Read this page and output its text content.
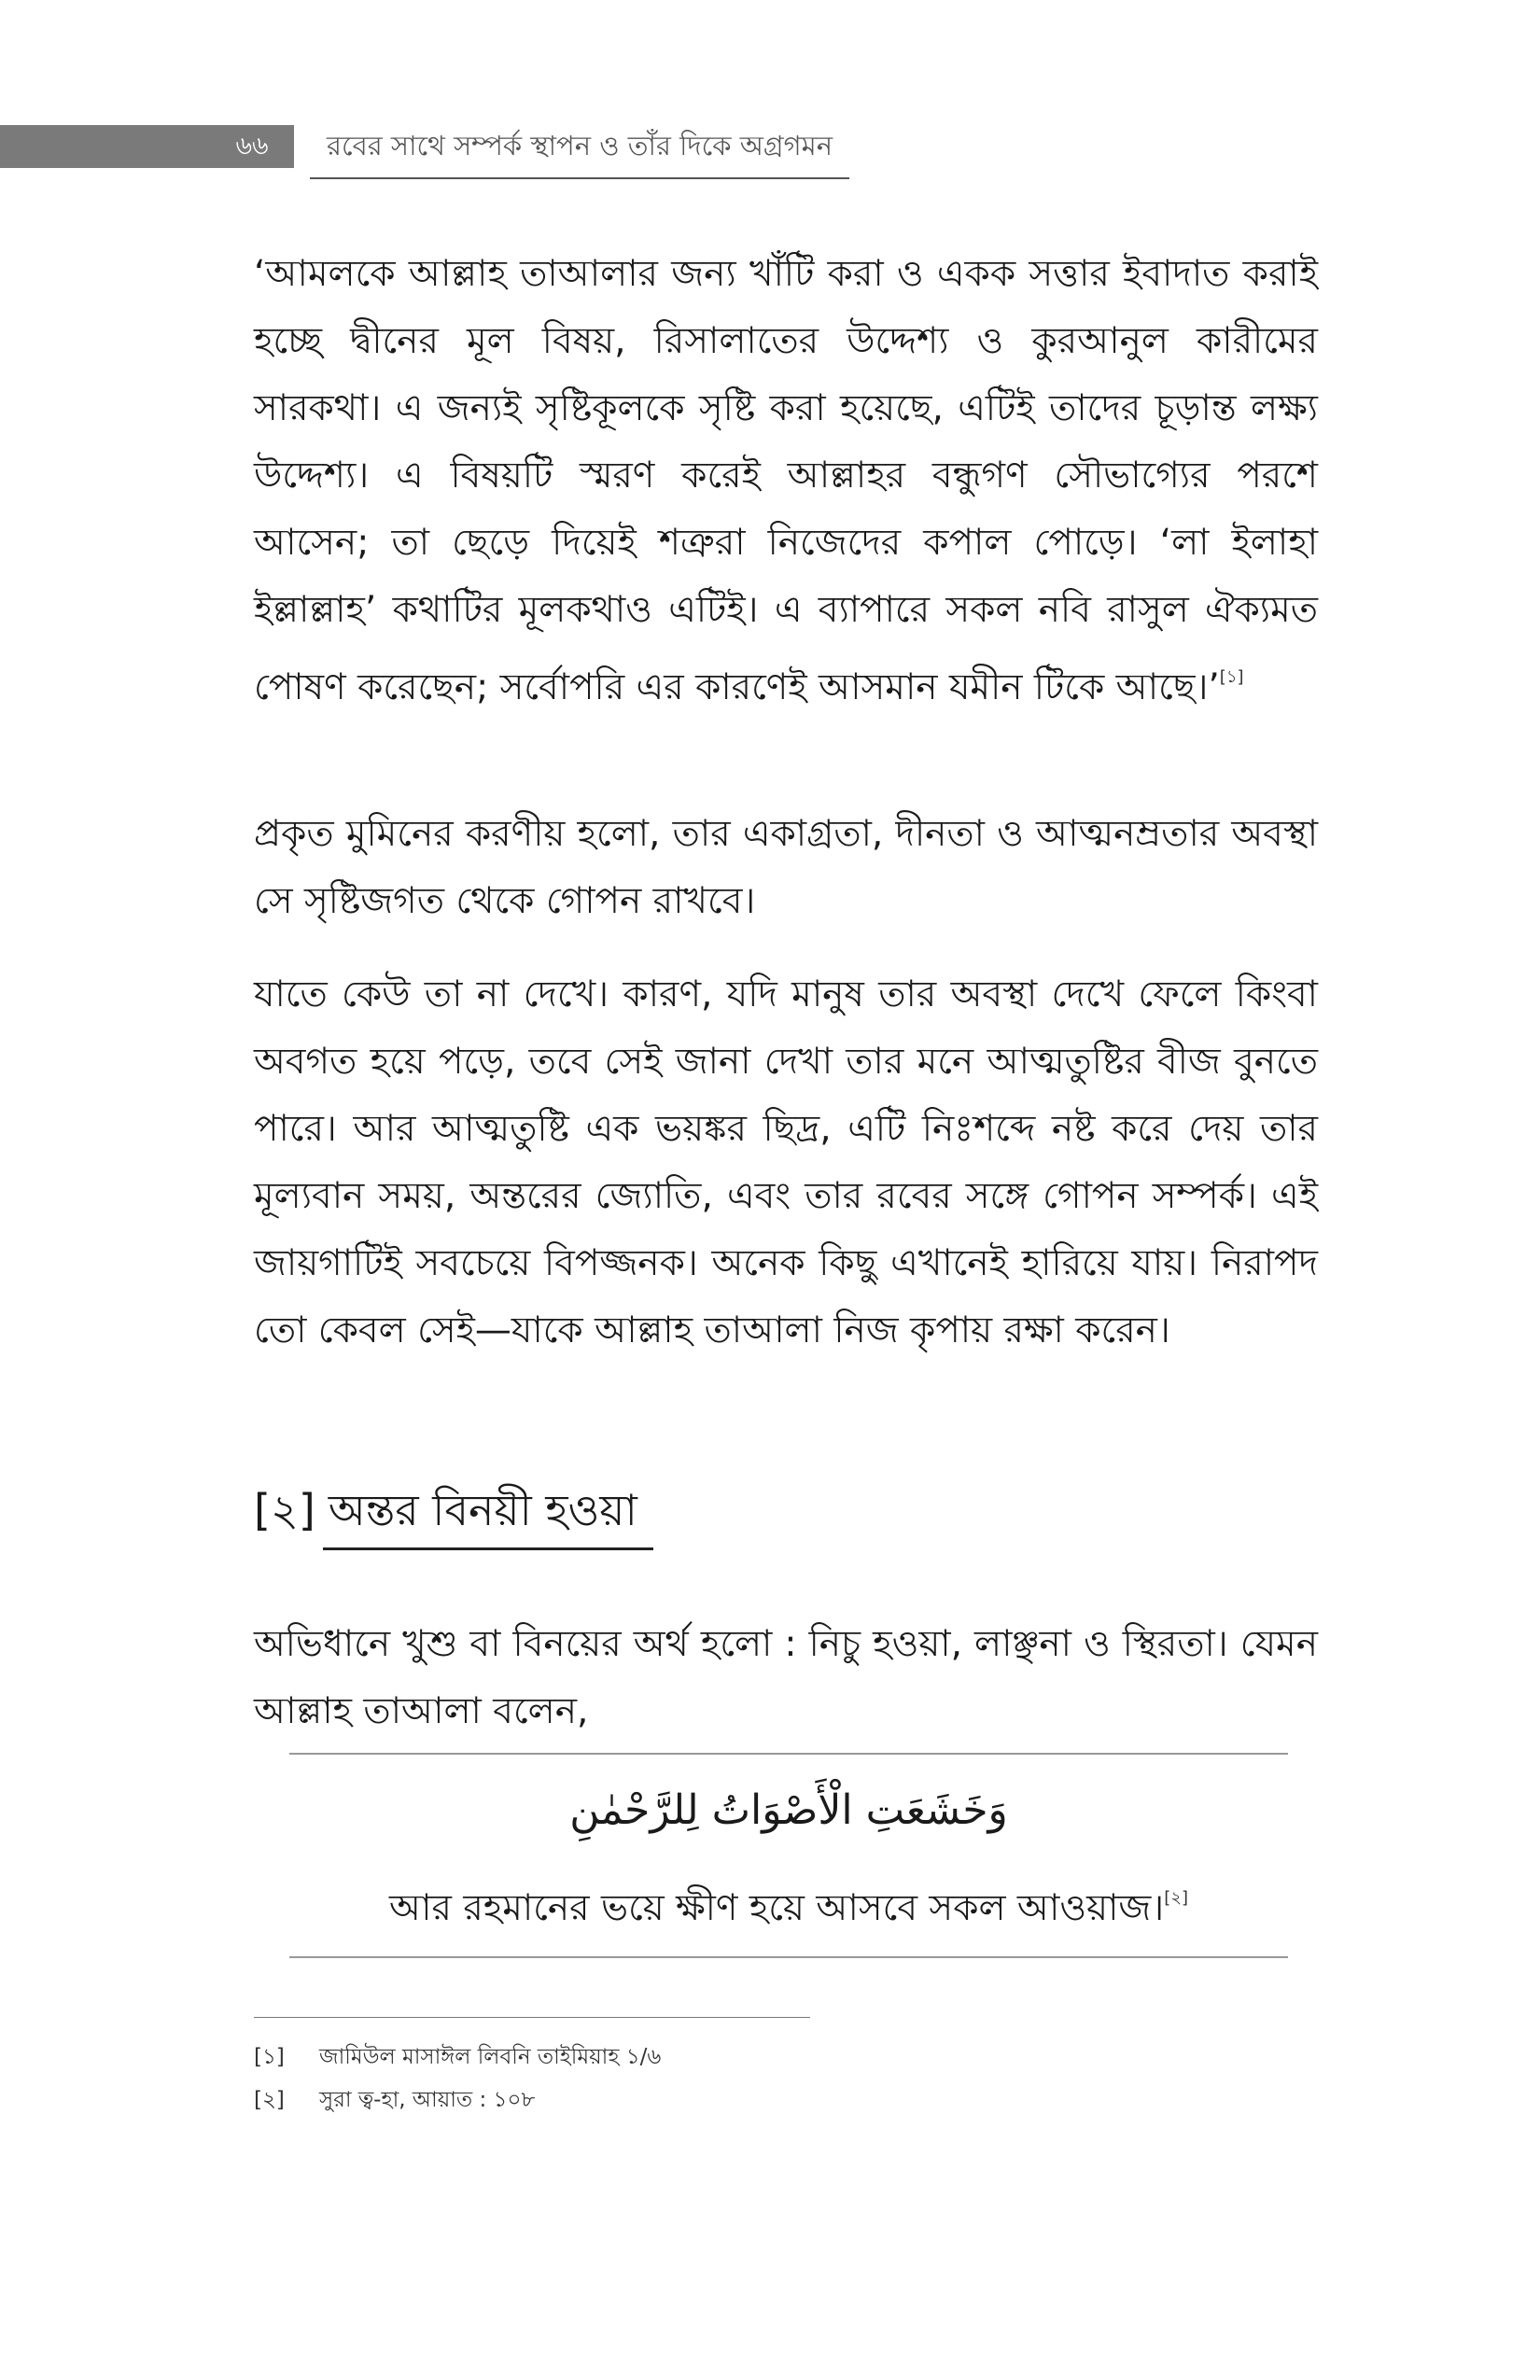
৬৬	রবের সাথে সম্পর্ক স্থাপন ও তাঁর দিকে অগ্রগমন

‘আমলকে আল্লাহ তাআলার জন্য খাঁটি করা ও একক সত্তার ইবাদাত করাই হচ্ছে দ্বীনের মূল বিষয়, রিসালাতের উদ্দেশ্য ও কুরআনুল কারীমের সারকথা। এ জন্যই সৃষ্টিকূলকে সৃষ্টি করা হয়েছে, এটিই তাদের চূড়ান্ত লক্ষ্য উদ্দেশ্য। এ বিষয়টি স্মরণ করেই আল্লাহর বন্ধুগণ সৌভাগ্যের পরশে আসেন; তা ছেড়ে দিয়েই শত্রুরা নিজেদের কপাল পোড়ে। ‘লা ইলাহা ইল্লাল্লাহ’ কথাটির মূলকথাও এটিই। এ ব্যাপারে সকল নবি রাসুল ঐক্যমত পোষণ করেছেন; সর্বোপরি এর কারণেই আসমান যমীন টিকে আছে।’[১]

প্রকৃত মুমিনের করণীয় হলো, তার একাগ্রতা, দীনতা ও আত্মনম্রতার অবস্থা সে সৃষ্টিজগত থেকে গোপন রাখবে।

যাতে কেউ তা না দেখে। কারণ, যদি মানুষ তার অবস্থা দেখে ফেলে কিংবা অবগত হয়ে পড়ে, তবে সেই জানা দেখা তার মনে আত্মতুষ্টির বীজ বুনতে পারে। আর আত্মতুষ্টি এক ভয়ঙ্কর ছিদ্র, এটি নিঃশব্দে নষ্ট করে দেয় তার মূল্যবান সময়, অন্তরের জ্যোতি, এবং তার রবের সঙ্গে গোপন সম্পর্ক। এই জায়গাটিই সবচেয়ে বিপজ্জনক। অনেক কিছু এখানেই হারিয়ে যায়। নিরাপদ তো কেবল সেই—যাকে আল্লাহ তাআলা নিজ কৃপায় রক্ষা করেন।

অভিধানে খুশু বা বিনয়ের অর্থ হলো : নিচু হওয়া, লাঞ্ছনা ও স্থিরতা। যেমন আল্লাহ তাআলা বলেন,

[২] অন্তর বিনয়ী হওয়া
وَخَشَعَتِ الْأَصْوَاتُ لِلرَّحْمٰنِ
আর রহমানের ভয়ে ক্ষীণ হয়ে আসবে সকল আওয়াজ।[২]
[১] জামিউল মাসাঈল লিবনি তাইমিয়াহ ১/৬
[২] সুরা ত্ব-হা, আয়াত : ১০৮
